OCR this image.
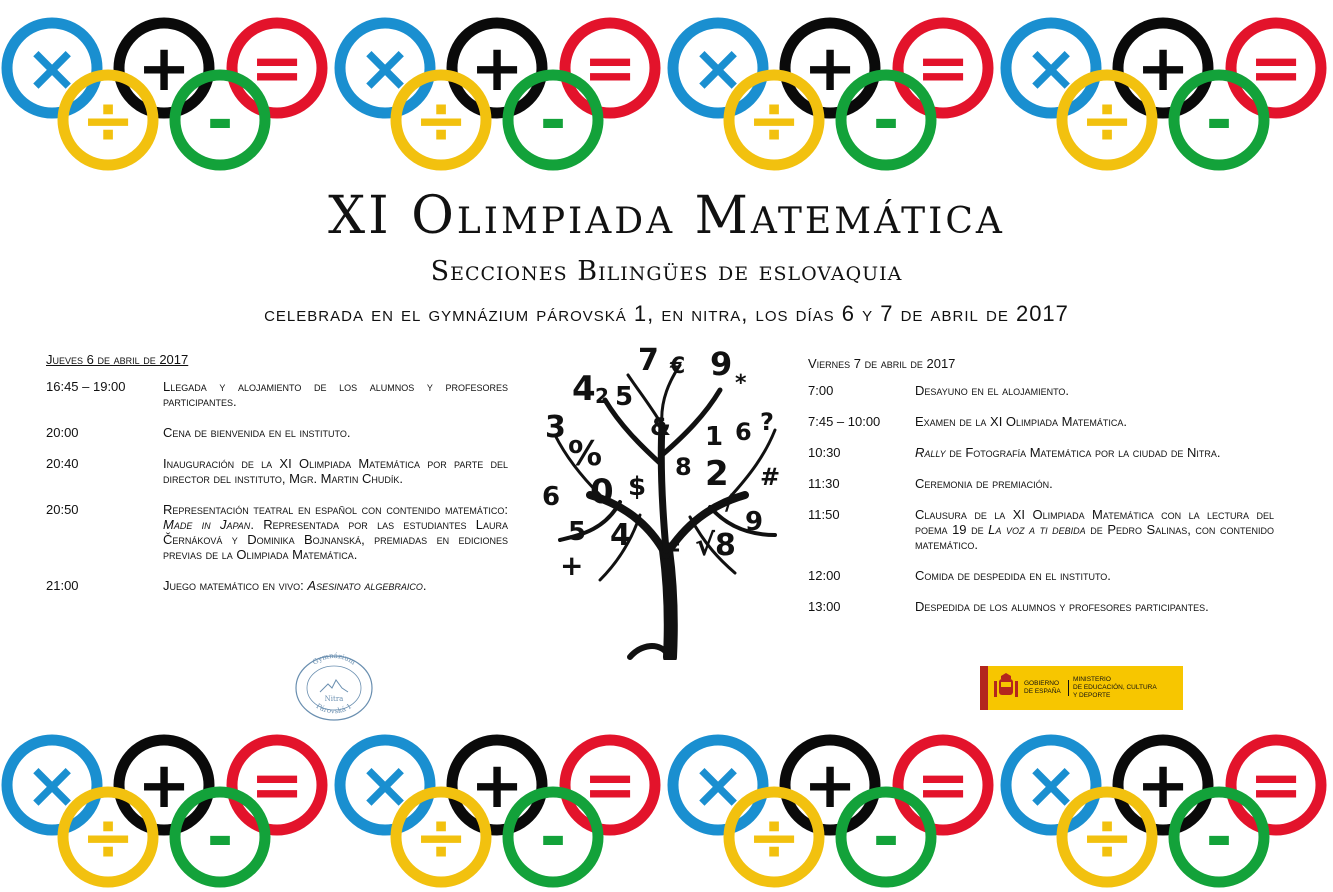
× + =
÷ -
× + =
÷ -
× + =
÷ -
× + =
÷ -
XI Olimpiada Matemática
Secciones Bilingües de eslovaquia
celebrada en el gymnázium párovská 1, en nitra, los días 6 y 7 de abril de 2017
Jueves 6 de abril de 2017
16:45 – 19:00	Llegada y alojamiento de los alumnos y profesores participantes.
20:00	Cena de bienvenida en el instituto.
20:40	Inauguración de la XI Olimpiada Matemática por parte del director del instituto, Mgr. Martin Chudík.
20:50	Representación teatral en español con contenido matemático: Made in Japan. Representada por las estudiantes Laura Černáková y Dominika Bojnanská, premiadas en ediciones previas de la Olimpiada Matemática.
21:00	Juego matemático en vivo: Asesinato algebraico.
7 € 9
4 5
2
3	& 1 6
%	8
0 $ 2
6
5 4	9
+
= √8
#
*
/
?
Viernes 7 de abril de 2017
7:00	Desayuno en el alojamiento.
7:45 – 10:00	Examen de la XI Olimpiada Matemática.
10:30	Rally de Fotografía Matemática por la ciudad de Nitra.
11:30	Ceremonia de premiación.
11:50	Clausura de la XI Olimpiada Matemática con la lectura del poema 19 de La voz a ti debida de Pedro Salinas, con contenido matemático.
12:00	Comida de despedida en el instituto.
13:00	Despedida de los alumnos y profesores participantes.
Gymnázium
Nitra
Párovská 1
GOBIERNO
DE ESPAÑA
MINISTERIO
DE EDUCACIÓN, CULTURA
Y DEPORTE
× + =
÷ -
× + =
÷ -
× + =
÷ -
× + =
÷ -
